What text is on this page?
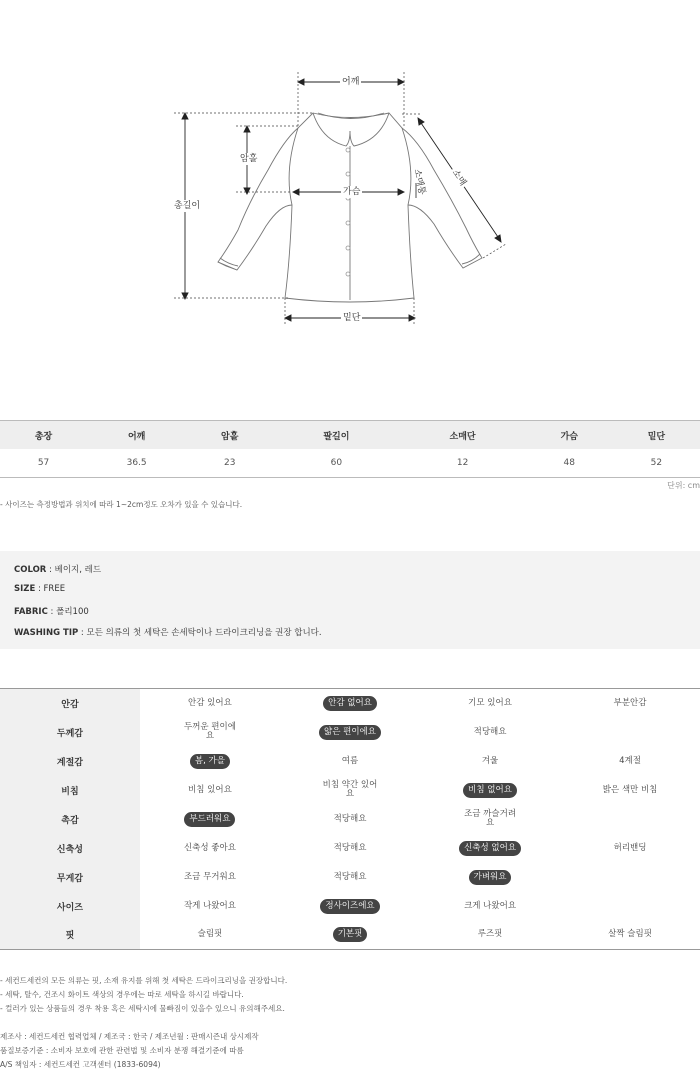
어깨
암홀
총길이
가슴
소매
소매통
밑단
총장	어깨	암홀	팔길이	소매단	가슴	밑단
57	36.5	23	60	12	48	52
단위: cm
- 사이즈는 측정방법과 위치에 따라 1~2cm정도 오차가 있을 수 있습니다.
COLOR : 베이지, 레드
SIZE : FREE
FABRIC : 폴리100
WASHING TIP : 모든 의류의 첫 세탁은 손세탁이나 드라이크리닝을 권장 합니다.
안감	안감 있어요	안감 없어요	기모 있어요	부분안감
두께감	두꺼운 편이에요	얇은 편이에요	적당해요	
계절감	봄, 가을	여름	겨울	4계절
비침	비침 있어요	비침 약간 있어요	비침 없어요	밝은 색만 비침
촉감	부드러워요	적당해요	조금 까슬거려요	
신축성	신축성 좋아요	적당해요	신축성 없어요	허리밴딩
무게감	조금 무거워요	적당해요	가벼워요	
사이즈	작게 나왔어요	정사이즈에요	크게 나왔어요	
핏	슬림핏	기본핏	루즈핏	살짝 슬림핏
- 세컨드세컨의 모든 의류는 핏, 소재 유지를 위해 첫 세탁은 드라이크리닝을 권장합니다.
- 세탁, 탈수, 건조시 화이트 색상의 경우에는 따로 세탁을 하시길 바랍니다.
- 컬러가 있는 상품들의 경우 착용 혹은 세탁시에 물빠짐이 있을수 있으니 유의해주세요.
제조사 : 세컨드세컨 협력업체 / 제조국 : 한국 / 제조년월 : 판매시즌내 상시제작
품질보증기준 : 소비자 보호에 관한 관련법 및 소비자 분쟁 해결기준에 따름
A/S 책임자 : 세컨드세컨 고객센터 (1833-6094)
